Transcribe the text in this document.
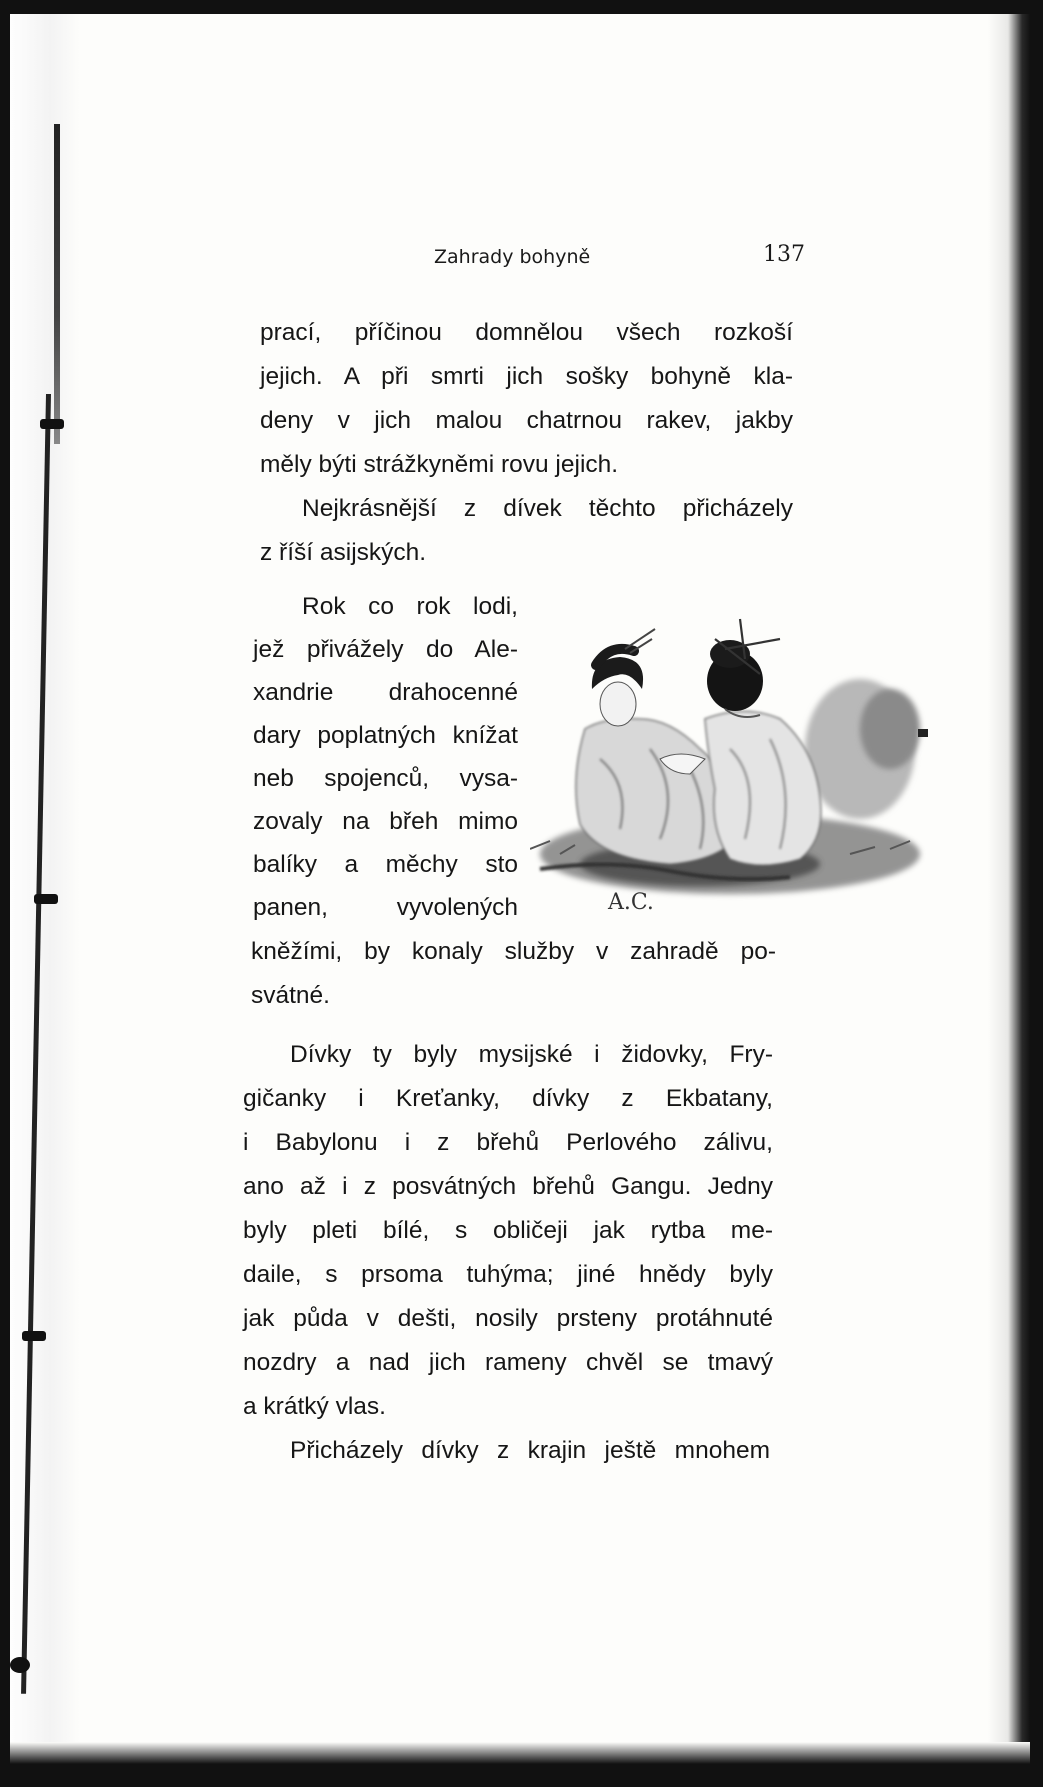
Zahrady bohyně	137
prací, příčinou domnělou všech rozkoší
jejich. A při smrti jich sošky bohyně kla-
deny v jich malou chatrnou rakev, jakby
měly býti strážkyněmi rovu jejich.
Nejkrásnější z dívek těchto přicházely
z říší asijských.
Rok co rok lodi,
jež přivážely do Ale-
xandrie drahocenné
dary poplatných knížat
neb spojenců, vysa-
zovaly na břeh mimo
balíky a měchy sto
panen, vyvolených
kněžími, by konaly služby v zahradě po-
svátné.
Dívky ty byly mysijské i židovky, Fry-
gičanky i Kreťanky, dívky z Ekbatany,
i Babylonu i z břehů Perlového zálivu,
ano až i z posvátných břehů Gangu. Jedny
byly pleti bílé, s obličeji jak rytba me-
daile, s prsoma tuhýma; jiné hnědy byly
jak půda v dešti, nosily prsteny protáhnuté
nozdry a nad jich rameny chvěl se tmavý
a krátký vlas.
Přicházely dívky z krajin ještě mnohem
A.C.
